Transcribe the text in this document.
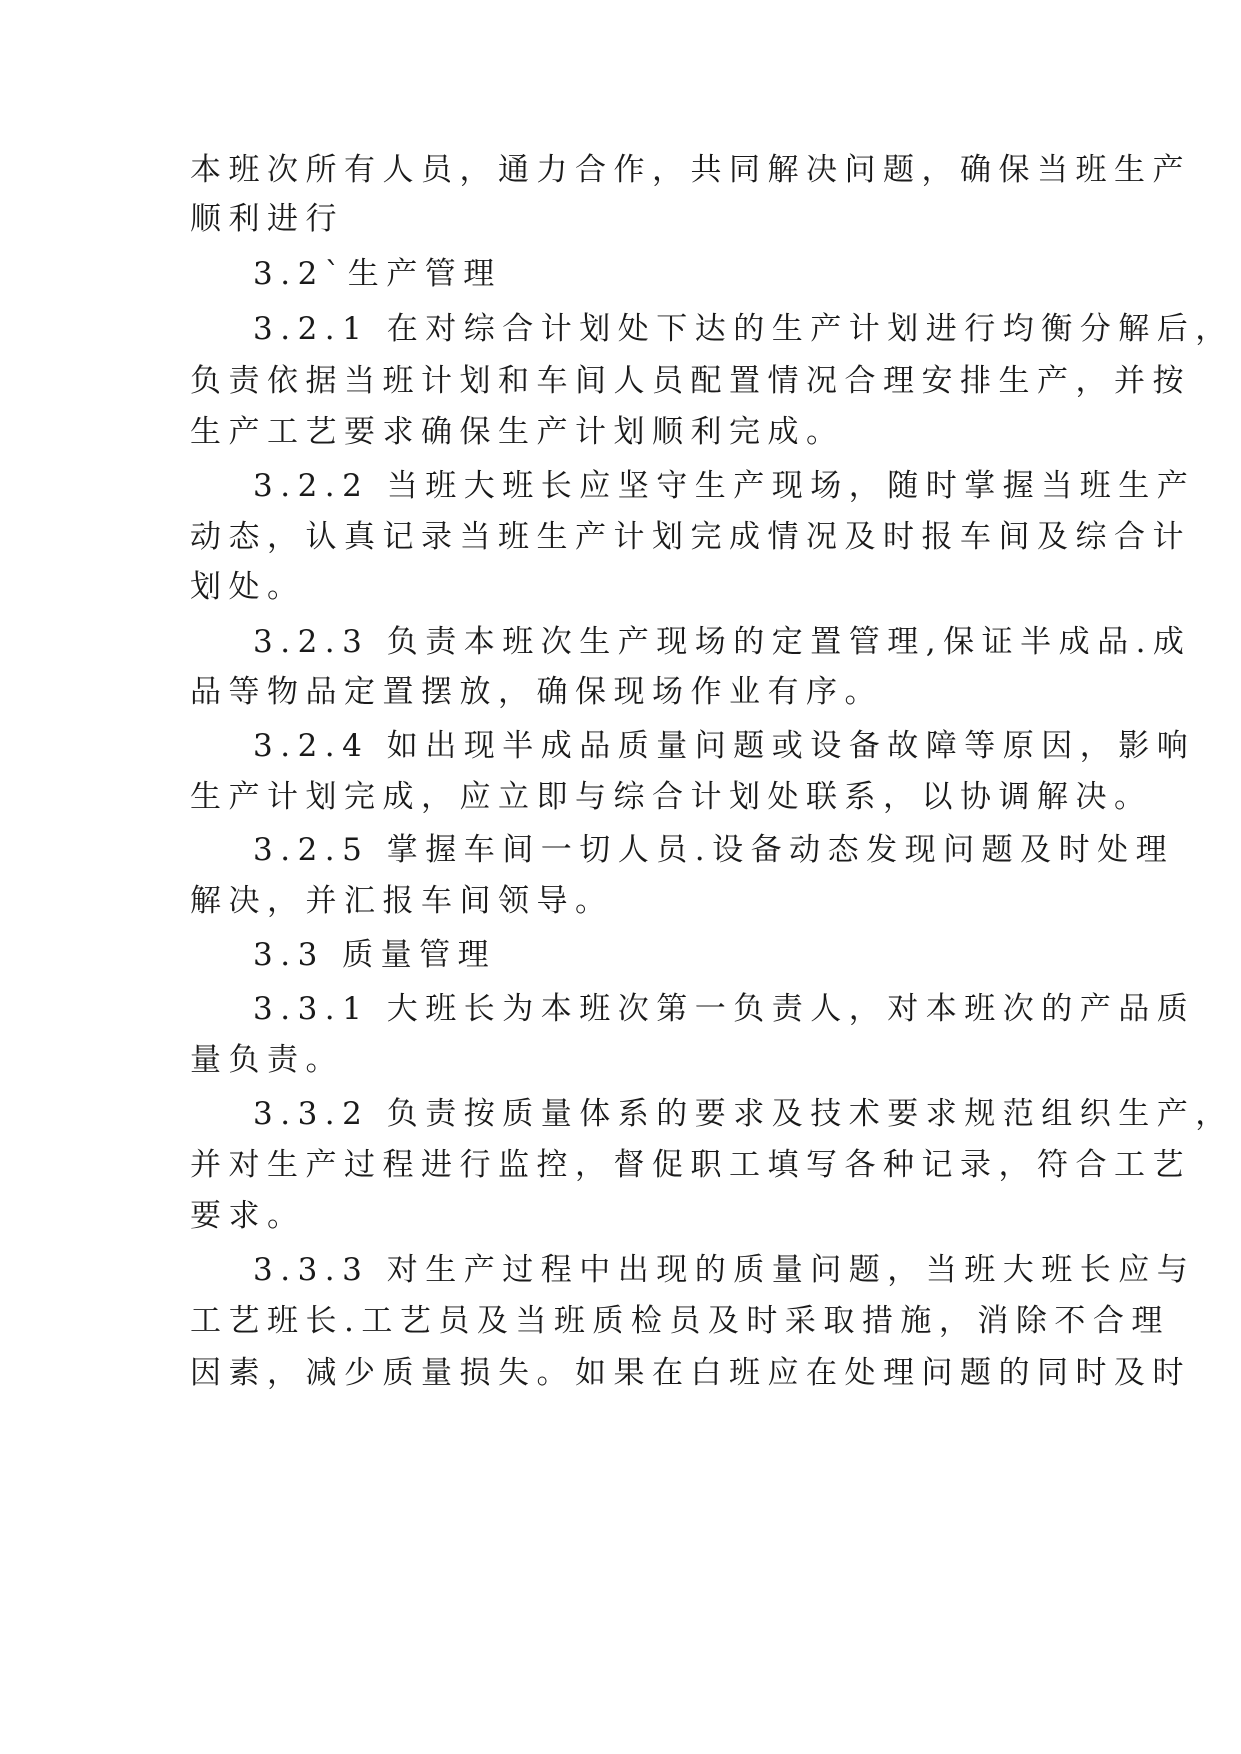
本班次所有人员，通力合作，共同解决问题，确保当班生产
顺利进行
3.2`生产管理
3.2.1 在对综合计划处下达的生产计划进行均衡分解后，
负责依据当班计划和车间人员配置情况合理安排生产，并按
生产工艺要求确保生产计划顺利完成。
3.2.2 当班大班长应坚守生产现场，随时掌握当班生产
动态，认真记录当班生产计划完成情况及时报车间及综合计
划处。
3.2.3 负责本班次生产现场的定置管理,保证半成品.成
品等物品定置摆放，确保现场作业有序。
3.2.4 如出现半成品质量问题或设备故障等原因，影响
生产计划完成，应立即与综合计划处联系，以协调解决。
3.2.5 掌握车间一切人员.设备动态发现问题及时处理
解决，并汇报车间领导。
3.3 质量管理
3.3.1 大班长为本班次第一负责人，对本班次的产品质
量负责。
3.3.2 负责按质量体系的要求及技术要求规范组织生产，
并对生产过程进行监控，督促职工填写各种记录，符合工艺
要求。
3.3.3 对生产过程中出现的质量问题，当班大班长应与
工艺班长.工艺员及当班质检员及时采取措施，消除不合理
因素，减少质量损失。如果在白班应在处理问题的同时及时
